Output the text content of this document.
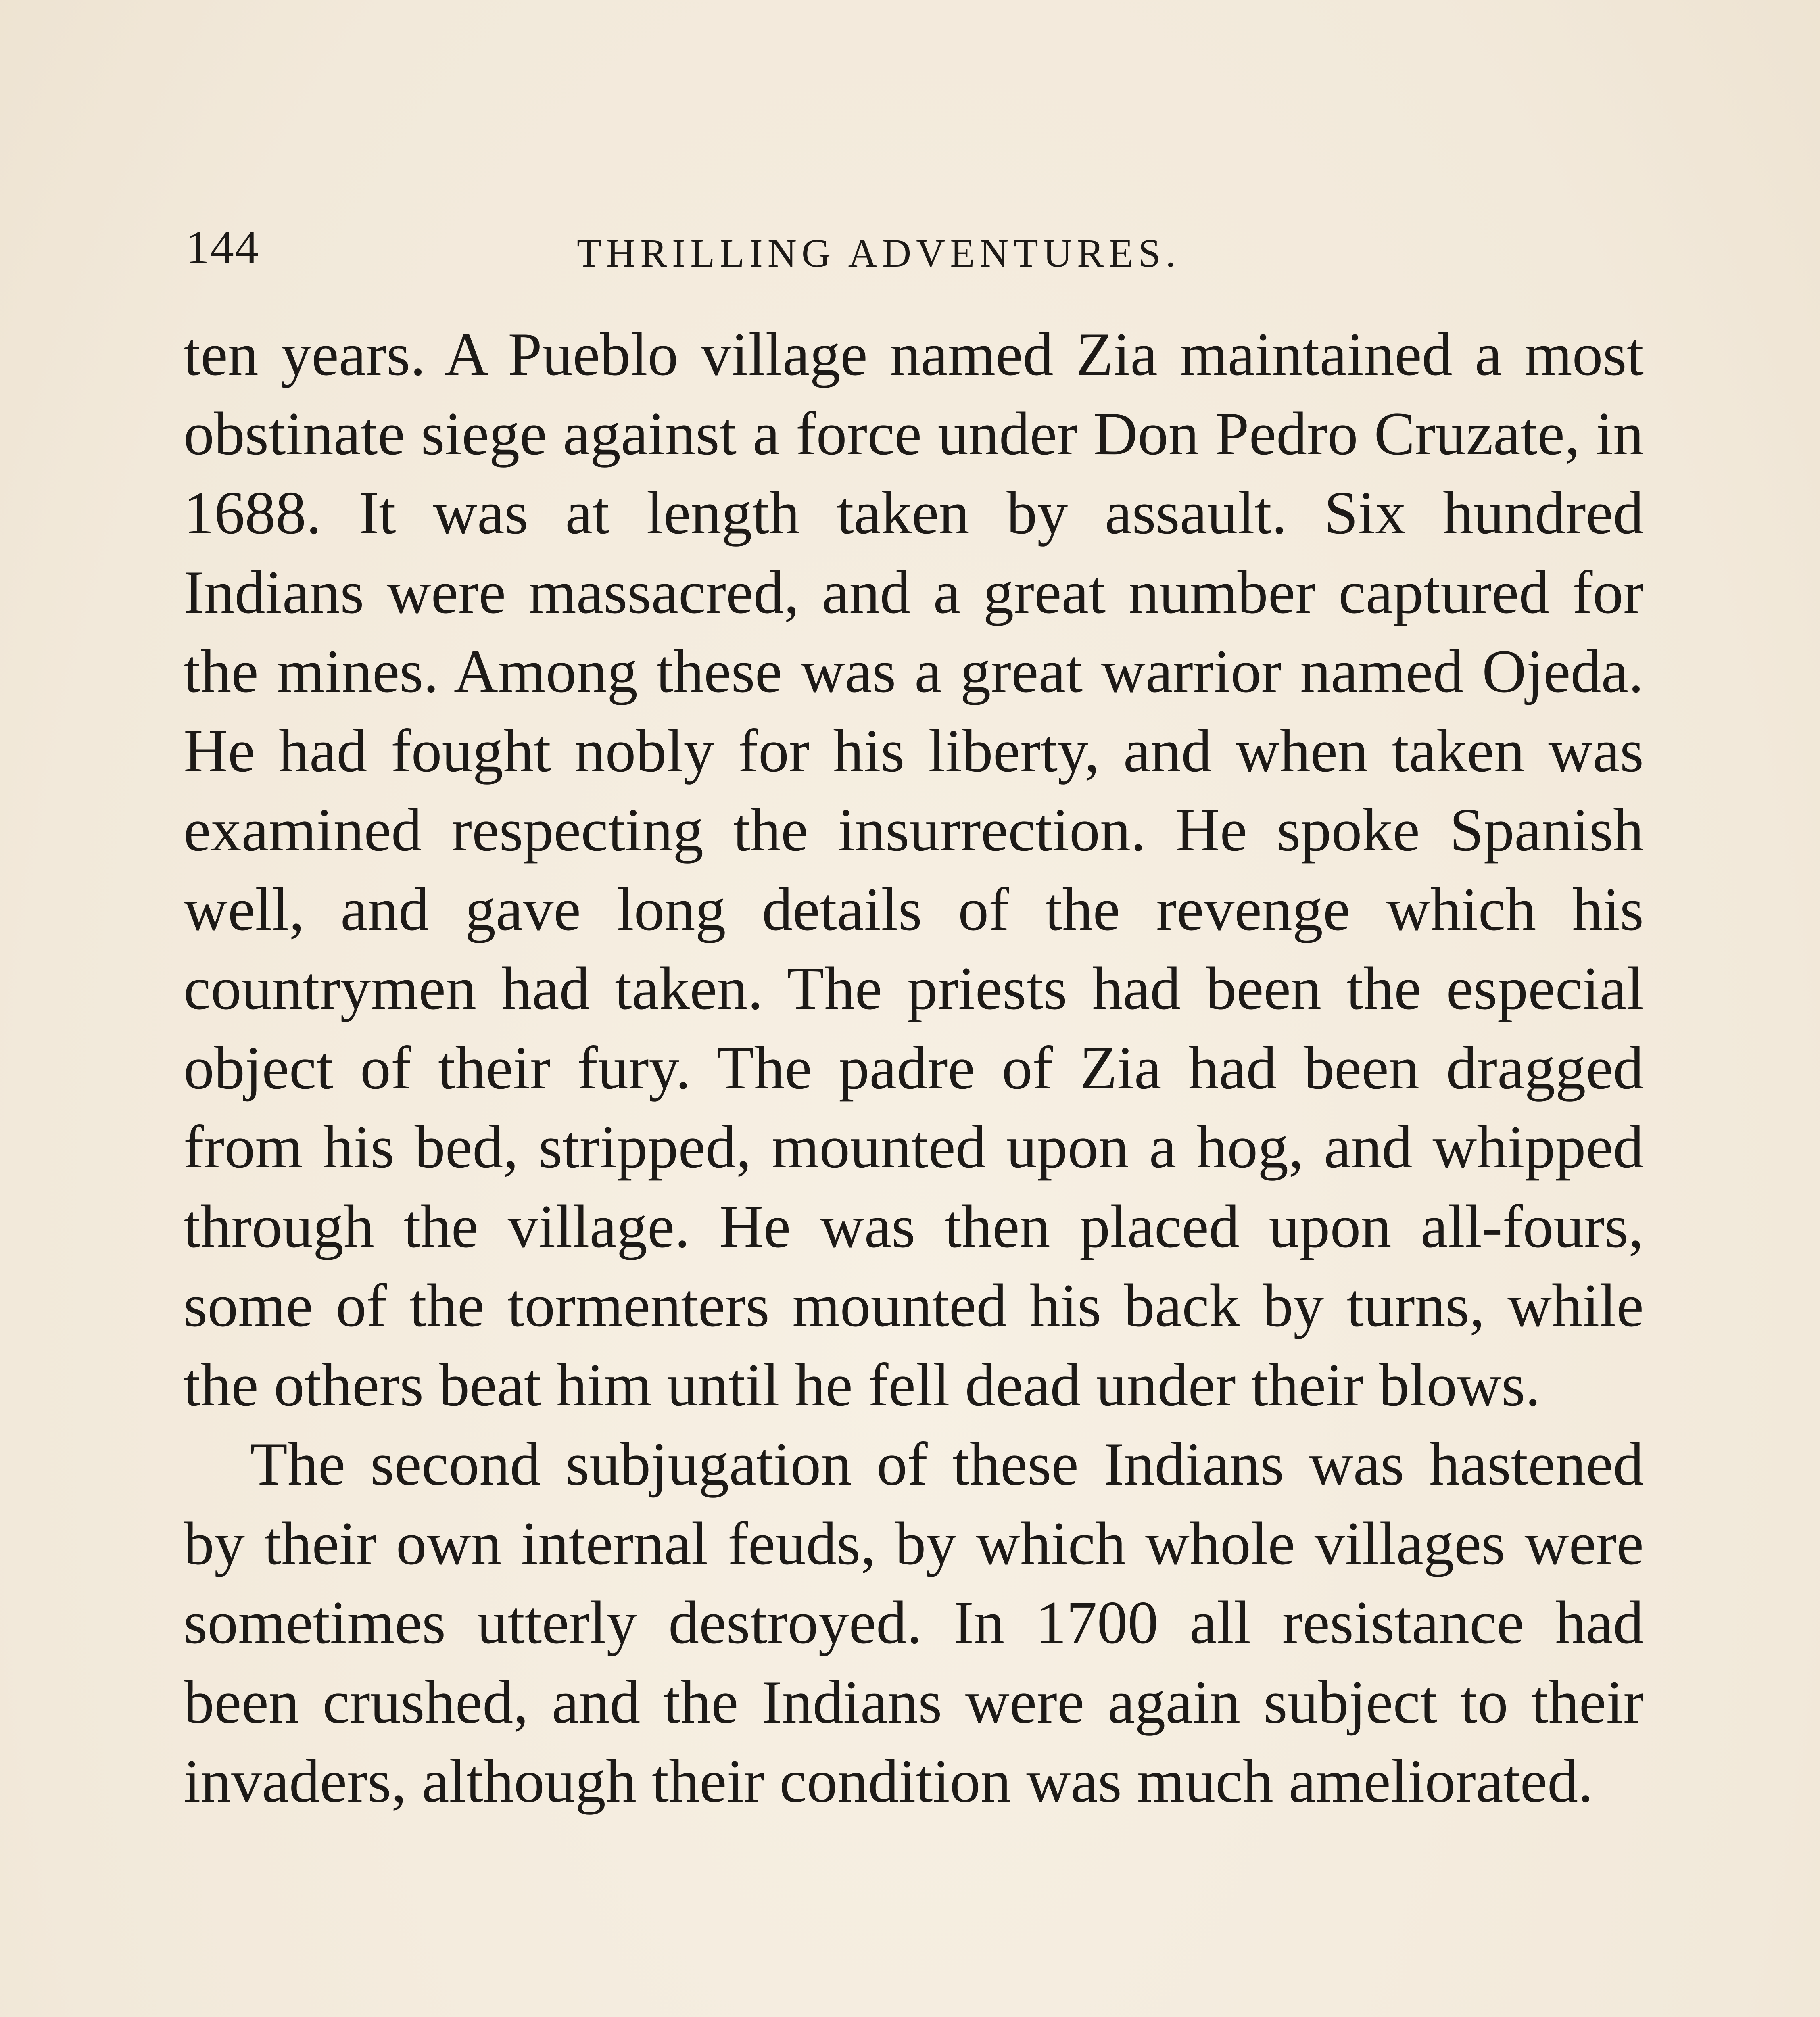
144	THRILLING ADVENTURES.

ten years. A Pueblo village named Zia maintained a most obstinate siege against a force under Don Pedro Cruzate, in 1688. It was at length taken by assault. Six hundred Indians were massacred, and a great number captured for the mines. Among these was a great warrior named Ojeda. He had fought nobly for his liberty, and when taken was examined respecting the insurrection. He spoke Spanish well, and gave long details of the revenge which his countrymen had taken. The priests had been the especial object of their fury. The padre of Zia had been dragged from his bed, stripped, mounted upon a hog, and whipped through the village. He was then placed upon all-fours, some of the tormenters mounted his back by turns, while the others beat him until he fell dead under their blows.

The second subjugation of these Indians was hastened by their own internal feuds, by which whole villages were sometimes utterly destroyed. In 1700 all resistance had been crushed, and the Indians were again subject to their invaders, although their condition was much ameliorated.
